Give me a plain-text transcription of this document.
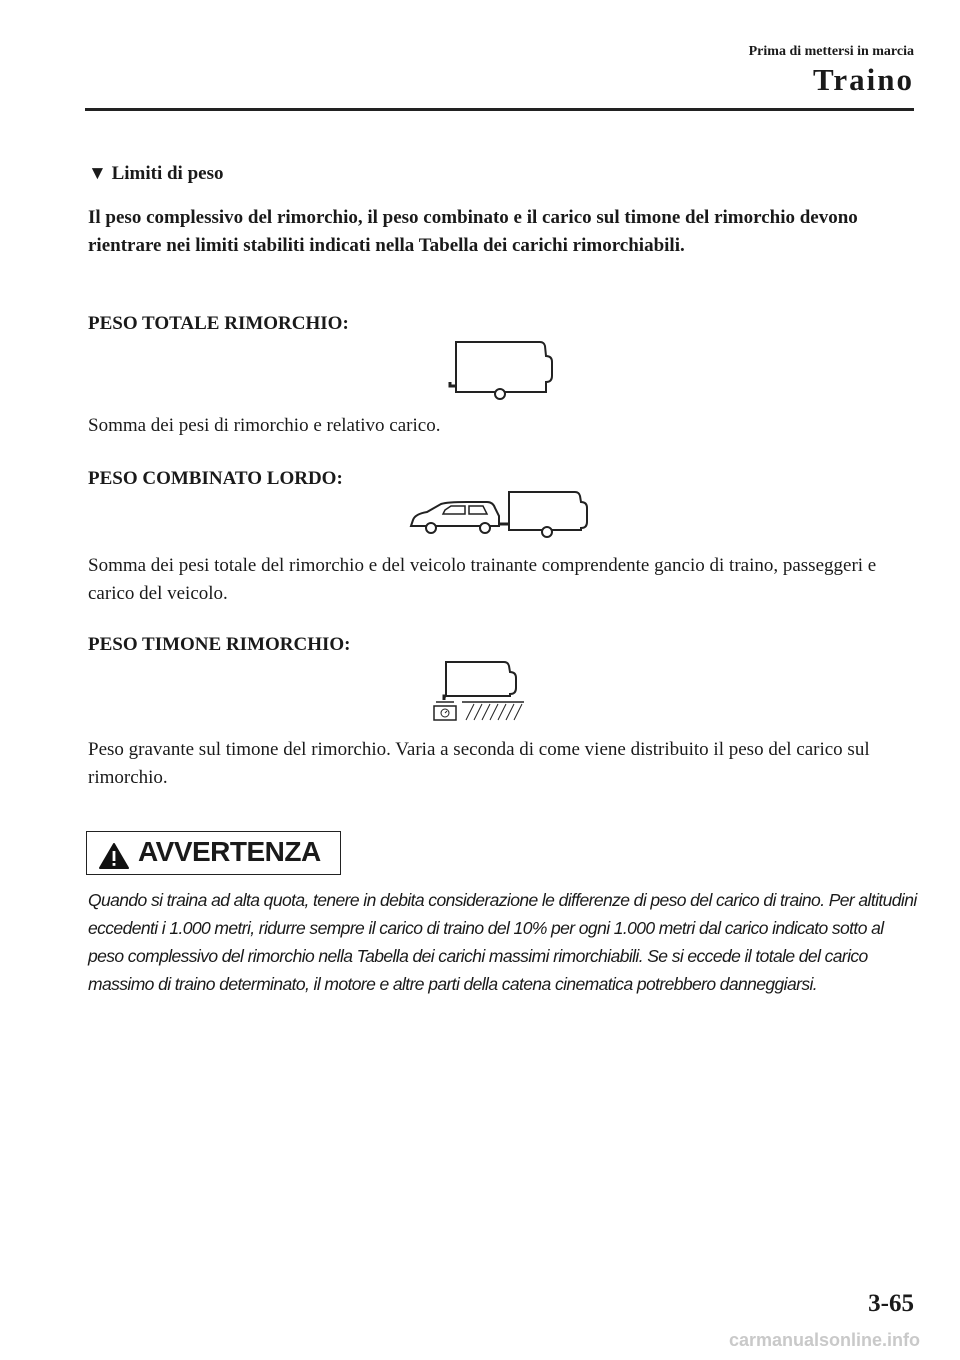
Prima di mettersi in marcia
Traino
▼ Limiti di peso
Il peso complessivo del rimorchio, il peso combinato e il carico sul timone del rimorchio devono rientrare nei limiti stabiliti indicati nella Tabella dei carichi rimorchiabili.
PESO TOTALE RIMORCHIO:
Somma dei pesi di rimorchio e relativo carico.
PESO COMBINATO LORDO:
Somma dei pesi totale del rimorchio e del veicolo trainante comprendente gancio di traino, passeggeri e carico del veicolo.
PESO TIMONE RIMORCHIO:
Peso gravante sul timone del rimorchio. Varia a seconda di come viene distribuito il peso del carico sul rimorchio.
AVVERTENZA
Quando si traina ad alta quota, tenere in debita considerazione le differenze di peso del carico di traino. Per altitudini eccedenti i 1.000 metri, ridurre sempre il carico di traino del 10% per ogni 1.000 metri dal carico indicato sotto al peso complessivo del rimorchio nella Tabella dei carichi massimi rimorchiabili. Se si eccede il totale del carico massimo di traino determinato, il motore e altre parti della catena cinematica potrebbero danneggiarsi.
3-65
carmanualsonline.info
